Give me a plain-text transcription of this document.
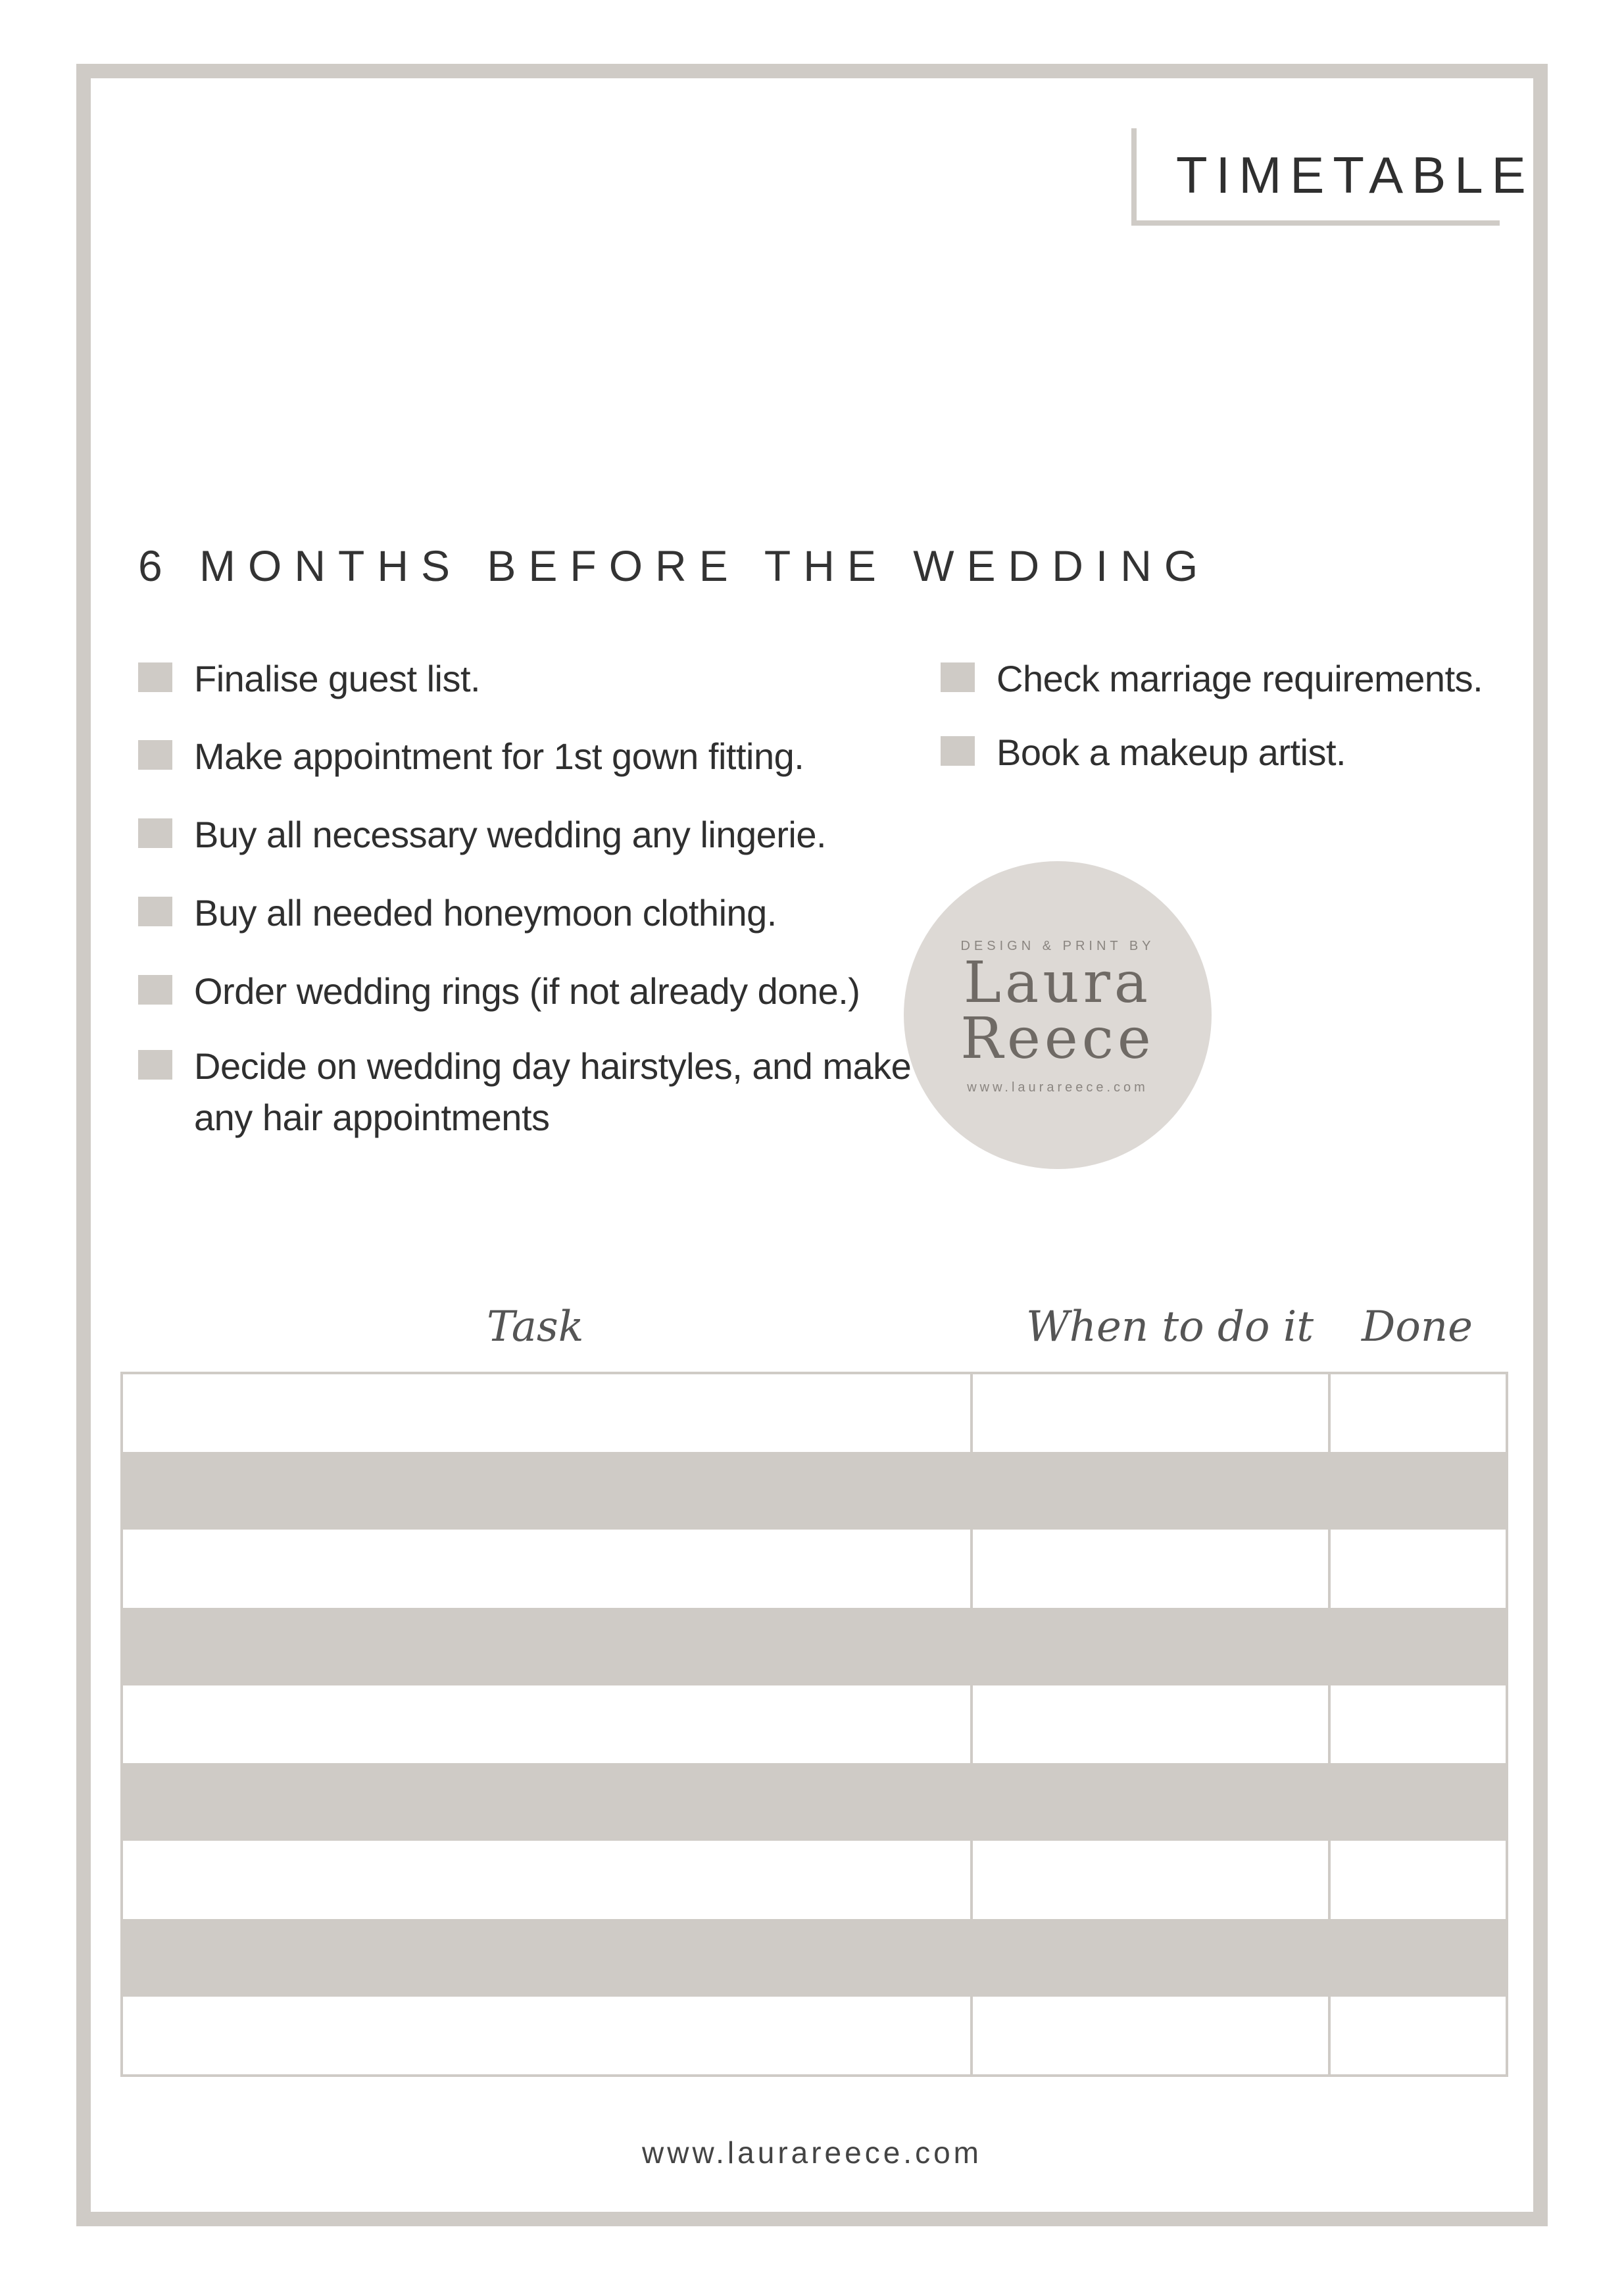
TIMETABLE
6 MONTHS BEFORE THE WEDDING
Finalise guest list.
Make appointment for 1st gown fitting.
Buy all necessary wedding any lingerie.
Buy all needed honeymoon clothing.
Order wedding rings (if not already done.)
Decide on wedding day hairstyles, and make any hair appointments
Check marriage requirements.
Book a makeup artist.
DESIGN & PRINT BY
Laura
Reece
www.laurareece.com
Task	When to do it Done
www.laurareece.com
